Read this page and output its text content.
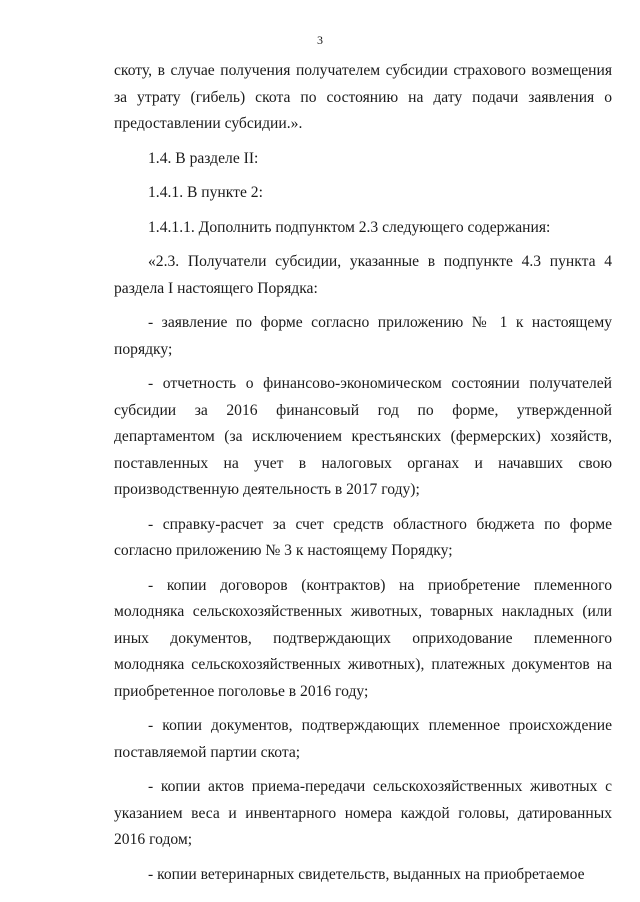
3

скоту, в случае получения получателем субсидии страхового возмещения за утрату (гибель) скота по состоянию на дату подачи заявления о предоставлении субсидии.».

1.4. В разделе II:

1.4.1. В пункте 2:

1.4.1.1. Дополнить подпунктом 2.3 следующего содержания:

«2.3. Получатели субсидии, указанные в подпункте 4.3 пункта 4 раздела I настоящего Порядка:

- заявление по форме согласно приложению № 1 к настоящему порядку;

- отчетность о финансово-экономическом состоянии получателей субсидии за 2016 финансовый год по форме, утвержденной департаментом (за исключением крестьянских (фермерских) хозяйств, поставленных на учет в налоговых органах и начавших свою производственную деятельность в 2017 году);

- справку-расчет за счет средств областного бюджета по форме согласно приложению № 3 к настоящему Порядку;

- копии договоров (контрактов) на приобретение племенного молодняка сельскохозяйственных животных, товарных накладных (или иных документов, подтверждающих оприходование племенного молодняка сельскохозяйственных животных), платежных документов на приобретенное поголовье в 2016 году;

- копии документов, подтверждающих племенное происхождение поставляемой партии скота;

- копии актов приема-передачи сельскохозяйственных животных с указанием веса и инвентарного номера каждой головы, датированных 2016 годом;

- копии ветеринарных свидетельств, выданных на приобретаемое
